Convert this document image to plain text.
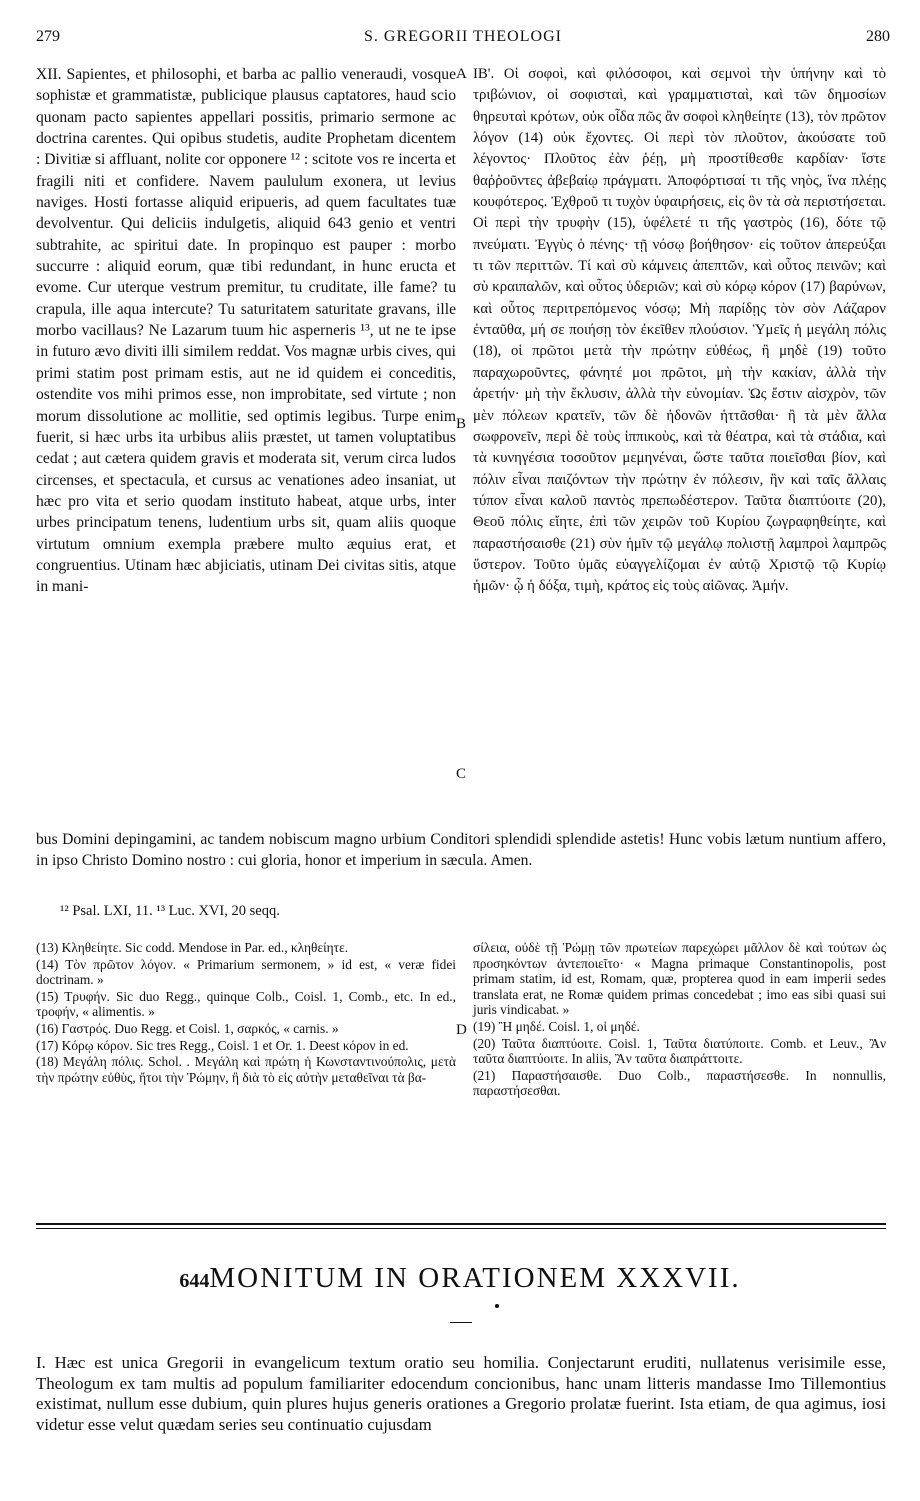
279	S. GREGORII THEOLOGI	280
XII. Sapientes, et philosophi, et barba ac pallio veneraudi, vosque sophistæ et grammatistæ, publicique plausus captatores, haud scio quonam pacto sapientes appellari possitis, primario sermone ac doctrina carentes. Qui opibus studetis, audite Prophetam dicentem : Divitiæ si affluant, nolite cor opponere ¹² : scitote vos re incerta et fragili niti et confidere. Navem paululum exonera, ut levius naviges. Hosti fortasse aliquid eripueris, ad quem facultates tuæ devolventur. Qui deliciis indulgetis, aliquid 643 genio et ventri subtrahite, ac spiritui date. In propinquo est pauper : morbo succurre : aliquid eorum, quæ tibi redundant, in hunc eructa et evome. Cur uterque vestrum premitur, tu cruditate, ille fame? tu crapula, ille aqua intercute? Tu saturitatem saturitate gravans, ille morbo vacillaus? Ne Lazarum tuum hic asperneris ¹³, ut ne te ipse in futuro ævo diviti illi similem reddat. Vos magnæ urbis cives, qui primi statim post primam estis, aut ne id quidem ei conceditis, ostendite vos mihi primos esse, non improbitate, sed virtute ; non morum dissolutione ac mollitie, sed optimis legibus. Turpe enim fuerit, si hæc urbs ita urbibus aliis præstet, ut tamen voluptatibus cedat ; aut cætera quidem gravis et moderata sit, verum circa ludos circenses, et spectacula, et cursus ac venationes adeo insaniat, ut hæc pro vita et serio quodam instituto habeat, atque urbs, inter urbes principatum tenens, ludentium urbs sit, quam aliis quoque virtutum omnium exempla præbere multo æquius erat, et congruentius. Utinam hæc abjiciatis, utinam Dei civitas sitis, atque in mani-
ΙΒ'. Οἱ σοφοὶ, καὶ φιλόσοφοι, καὶ σεμνοὶ τὴν ὑπήνην καὶ τὸ τριβώνιον, οἱ σοφισταὶ, καὶ γραμματισταὶ, καὶ τῶν δημοσίων θηρευταὶ κρότων, οὐκ οἶδα πῶς ἂν σοφοὶ κληθείητε (13), τὸν πρῶτον λόγον (14) οὐκ ἔχοντες. Οἱ περὶ τὸν πλοῦτον, ἀκούσατε τοῦ λέγοντος· Πλοῦτος ἐὰν ῥέῃ, μὴ προστίθεσθε καρδίαν· ἴστε θαῤῥοῦντες ἀβεβαίῳ πράγματι. Ἀποφόρτισαί τι τῆς νηὸς, ἵνα πλέῃς κουφότερος. Ἐχθροῦ τι τυχὸν ὑφαιρήσεις, εἰς ὃν τὰ σὰ περιστήσεται. Οἱ περὶ τὴν τρυφὴν (15), ὑφέλετέ τι τῆς γαστρὸς (16), δότε τῷ πνεύματι. Ἐγγὺς ὁ πένης· τῇ νόσῳ βοήθησον· εἰς τοῦτον ἀπερεύξαι τι τῶν περιττῶν. Τί καὶ σὺ κάμνεις ἀπεπτῶν, καὶ οὗτος πεινῶν; καὶ σὺ κραιπαλῶν, καὶ οὗτος ὑδεριῶν; καὶ σὺ κόρῳ κόρον (17) βαρύνων, καὶ οὗτος περιτρεπόμενος νόσῳ; Μὴ παρίδῃς τὸν σὸν Λάζαρον ἐνταῦθα, μή σε ποιήσῃ τὸν ἐκεῖθεν πλούσιον. Ὑμεῖς ἡ μεγάλη πόλις (18), οἱ πρῶτοι μετὰ τὴν πρώτην εὐθέως, ἢ μηδὲ (19) τοῦτο παραχωροῦντες, φάνητέ μοι πρῶτοι, μὴ τὴν κακίαν, ἀλλὰ τὴν ἀρετήν· μὴ τὴν ἔκλυσιν, ἀλλὰ τὴν εὐνομίαν. Ὡς ἔστιν αἰσχρὸν, τῶν μὲν πόλεων κρατεῖν, τῶν δὲ ἡδονῶν ἡττᾶσθαι· ἢ τὰ μὲν ἄλλα σωφρονεῖν, περὶ δὲ τοὺς ἱππικοὺς, καὶ τὰ θέατρα, καὶ τὰ στάδια, καὶ τὰ κυνηγέσια τοσοῦτον μεμηνέναι, ὥστε ταῦτα ποιεῖσθαι βίον, καὶ πόλιν εἶναι παιζόντων τὴν πρώτην ἐν πόλεσιν, ἣν καὶ ταῖς ἄλλαις τύπον εἶναι καλοῦ παντὸς πρεπωδέστερον. Ταῦτα διαπτύοιτε (20), Θεοῦ πόλις εἴητε, ἐπὶ τῶν χειρῶν τοῦ Κυρίου ζωγραφηθείητε, καὶ παραστήσαισθε (21) σὺν ἡμῖν τῷ μεγάλῳ πολιστῇ λαμπροὶ λαμπρῶς ὕστερον. Τοῦτο ὑμᾶς εὐαγγελίζομαι ἐν αὐτῷ Χριστῷ τῷ Κυρίῳ ἡμῶν· ᾧ ἡ δόξα, τιμὴ, κράτος εἰς τοὺς αἰῶνας. Ἀμήν.
bus Domini depingamini, ac tandem nobiscum magno urbium Conditori splendidi splendide astetis! Hunc vobis lætum nuntium affero, in ipso Christo Domino nostro : cui gloria, honor et imperium in sæcula. Amen.
A
B
C
D
¹² Psal. LXI, 11. ¹³ Luc. XVI, 20 seqq.

(13) Κληθείητε. Sic codd. Mendose in Par. ed., κληθείητε.

(14) Τὸν πρῶτον λόγον. « Primarium sermonem, » id est, « veræ fidei doctrinam. »

(15) Τρυφήν. Sic duo Regg., quinque Colb., Coisl. 1, Comb., etc. In ed., τροφήν, « alimentis. »

(16) Γαστρός. Duo Regg. et Coisl. 1, σαρκός, « carnis. »

(17) Κόρῳ κόρον. Sic tres Regg., Coisl. 1 et Or. 1. Deest κόρον in ed.

(18) Μεγάλη πόλις. Schol. . Μεγάλη καὶ πρώτη ἡ Κωνσταντινούπολις, μετὰ τὴν πρώτην εὐθὺς, ἤτοι τὴν Ῥώμην, ἢ διὰ τὸ εἰς αὐτὴν μεταθεῖναι τὰ βα-

σίλεια, οὐδὲ τῇ Ῥώμῃ τῶν πρωτείων παρεχώρει μᾶλλον δὲ καὶ τούτων ὡς προσηκόντων ἀντεποιεῖτο· « Magna primaque Constantinopolis, post primam statim, id est, Romam, quæ, propterea quod in eam imperii sedes translata erat, ne Romæ quidem primas concedebat ; imo eas sibi quasi sui juris vindicabat. »

(19) Ἢ μηδέ. Coisl. 1, οἱ μηδέ.

(20) Ταῦτα διαπτύοιτε. Coisl. 1, Ταῦτα διατύποιτε. Comb. et Leuv., Ἂν ταῦτα διαπτύοιτε. In aliis, Ἂν ταῦτα διαπράττοιτε.

(21) Παραστήσαισθε. Duo Colb., παραστήσεσθε. In nonnullis, παραστήσεσθαι.

644MONITUM IN ORATIONEM XXXVII.
I. Hæc est unica Gregorii in evangelicum textum oratio seu homilia. Conjectarunt eruditi, nullatenus verisimile esse, Theologum ex tam multis ad populum familiariter edocendum concionibus, hanc unam litteris mandasse Imo Tillemontius existimat, nullum esse dubium, quin plures hujus generis orationes a Gregorio prolatæ fuerint. Ista etiam, de qua agimus, iosi videtur esse velut quædam series seu continuatio cujusdam
